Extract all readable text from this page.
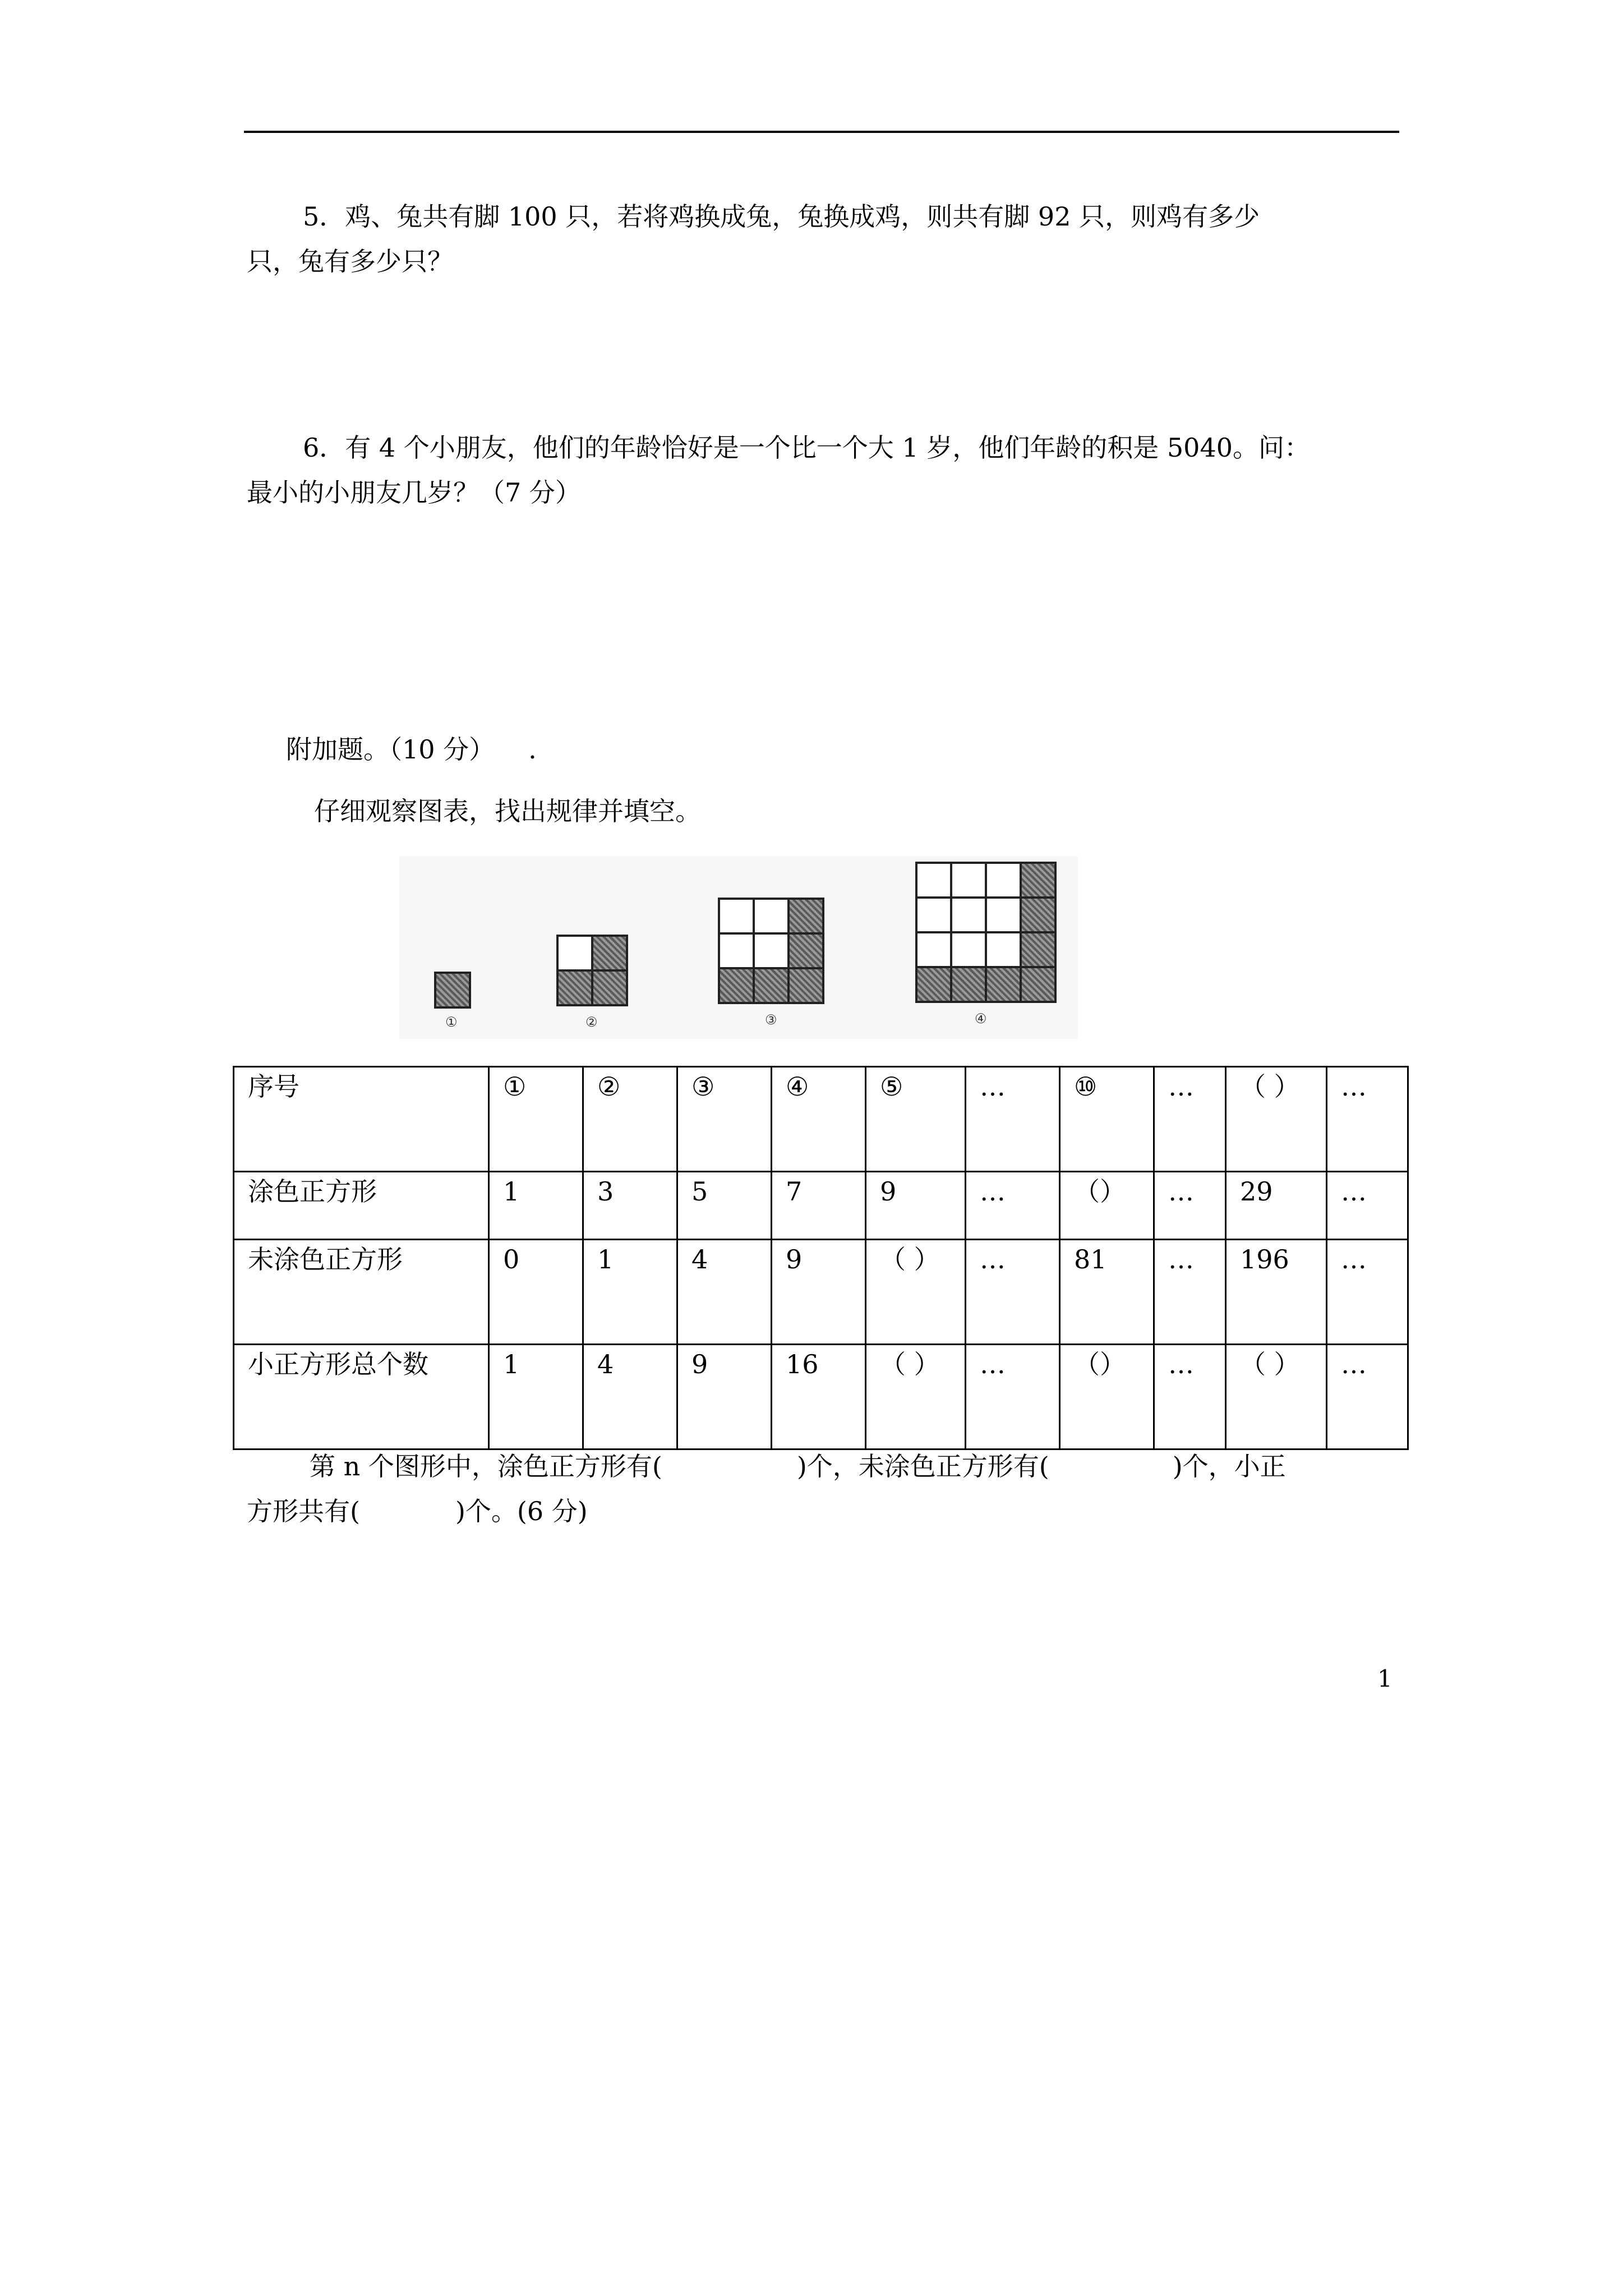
5．鸡、兔共有脚 100 只，若将鸡换成兔，兔换成鸡，则共有脚 92 只，则鸡有多少
只，兔有多少只？

6．有 4 个小朋友，他们的年龄恰好是一个比一个大 1 岁，他们年龄的积是 5040。问：
最小的小朋友几岁？（7 分）

附加题。（10 分） .

仔细观察图表，找出规律并填空。

①	②	③	④
序号	①	②	③	④	⑤	…	⑩	…	（ ）	…
涂色正方形	1	3	5	7	9	…	（）	…	29	…
未涂色正方形	0	1	4	9	（ ）	…	81	…	196	…
小正方形总个数	1	4	9	16	（ ）	…	（）	…	（ ）	…

第 n 个图形中，涂色正方形有(	)个，未涂色正方形有(	)个，小正
方形共有(	)个。(6 分)

1
